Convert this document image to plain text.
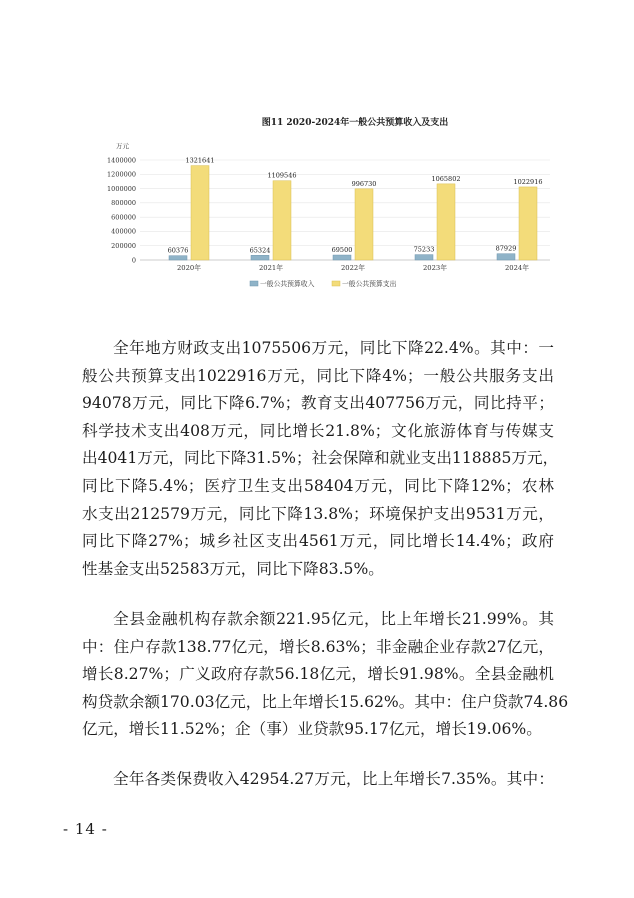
图11 2020-2024年一般公共预算收入及支出
万元
0
200000
400000
600000
800000
1000000
1200000
1400000
60376
1321641
65324
1109546
69500
996730
75233
1065802
87929
1022916
2020年	2021年	2022年	2023年	2024年
一般公共预算收入	一般公共预算支出
全年地方财政支出1075506万元，同比下降22.4%。其中：一
般公共预算支出1022916万元，同比下降4%；一般公共服务支出
94078万元，同比下降6.7%；教育支出407756万元，同比持平；
科学技术支出408万元，同比增长21.8%；文化旅游体育与传媒支
出4041万元，同比下降31.5%；社会保障和就业支出118885万元，
同比下降5.4%；医疗卫生支出58404万元，同比下降12%；农林
水支出212579万元，同比下降13.8%；环境保护支出9531万元，
同比下降27%；城乡社区支出4561万元，同比增长14.4%；政府
性基金支出52583万元，同比下降83.5%。
全县金融机构存款余额221.95亿元，比上年增长21.99%。其
中：住户存款138.77亿元，增长8.63%；非金融企业存款27亿元，
增长8.27%；广义政府存款56.18亿元，增长91.98%。全县金融机
构贷款余额170.03亿元，比上年增长15.62%。其中：住户贷款74.86
亿元，增长11.52%；企（事）业贷款95.17亿元，增长19.06%。
全年各类保费收入42954.27万元，比上年增长7.35%。其中：
- 14 -
